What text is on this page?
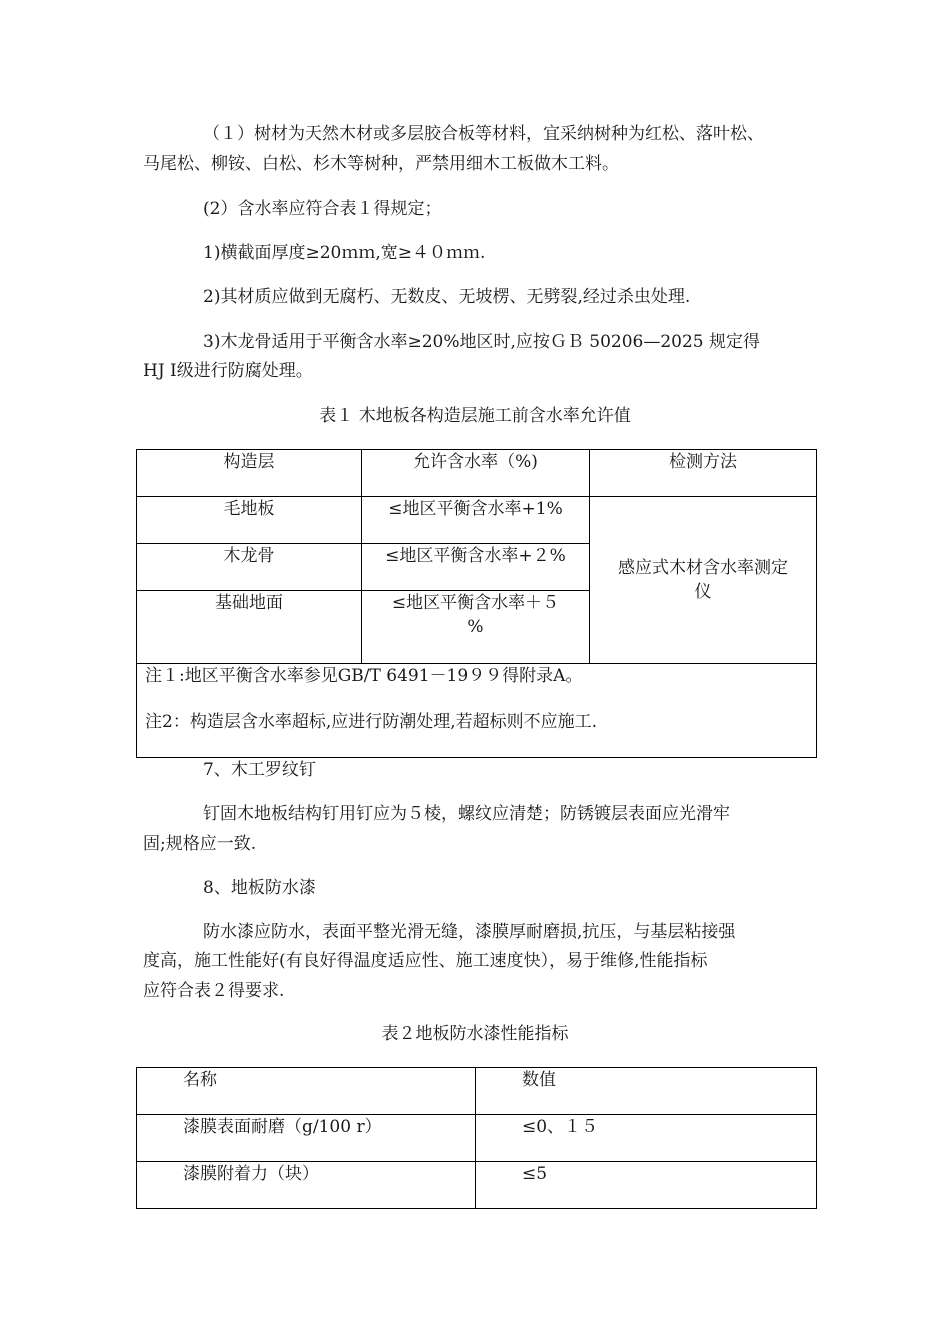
（１）树材为天然木材或多层胶合板等材料，宜采纳树种为红松、落叶松、
马尾松、柳铵、白松、杉木等树种，严禁用细木工板做木工料。
(2）含水率应符合表１得规定；
1)横截面厚度≥20ｍｍ,宽≥４０ｍｍ.
2)其材质应做到无腐朽、无数皮、无坡楞、无劈裂,经过杀虫处理.
3)木龙骨适用于平衡含水率≥20%地区时,应按ＧＢ 50206—2025 规定得
HJ Ⅰ级进行防腐处理。
表１ 木地板各构造层施工前含水率允许值
构造层	允许含水率（%)	检测方法
毛地板	≤地区平衡含水率+1%	感应式木材含水率测定
仪

木龙骨	≤地区平衡含水率+２%	
基础地面	≤地区平衡含水率＋５
%	

注１:地区平衡含水率参见GB/T 6491－19９９得附录A。
注2：构造层含水率超标,应进行防潮处理,若超标则不应施工.		
7、木工罗纹钉
钉固木地板结构钉用钉应为５棱，螺纹应清楚；防锈镀层表面应光滑牢
固;规格应一致.
8、地板防水漆
防水漆应防水，表面平整光滑无缝，漆膜厚耐磨损,抗压，与基层粘接强
度高，施工性能好(有良好得温度适应性、施工速度快），易于维修,性能指标
应符合表２得要求.
表２地板防水漆性能指标
名称	数值
漆膜表面耐磨（g/100 r）	≤0、１５
漆膜附着力（块）	≤5
